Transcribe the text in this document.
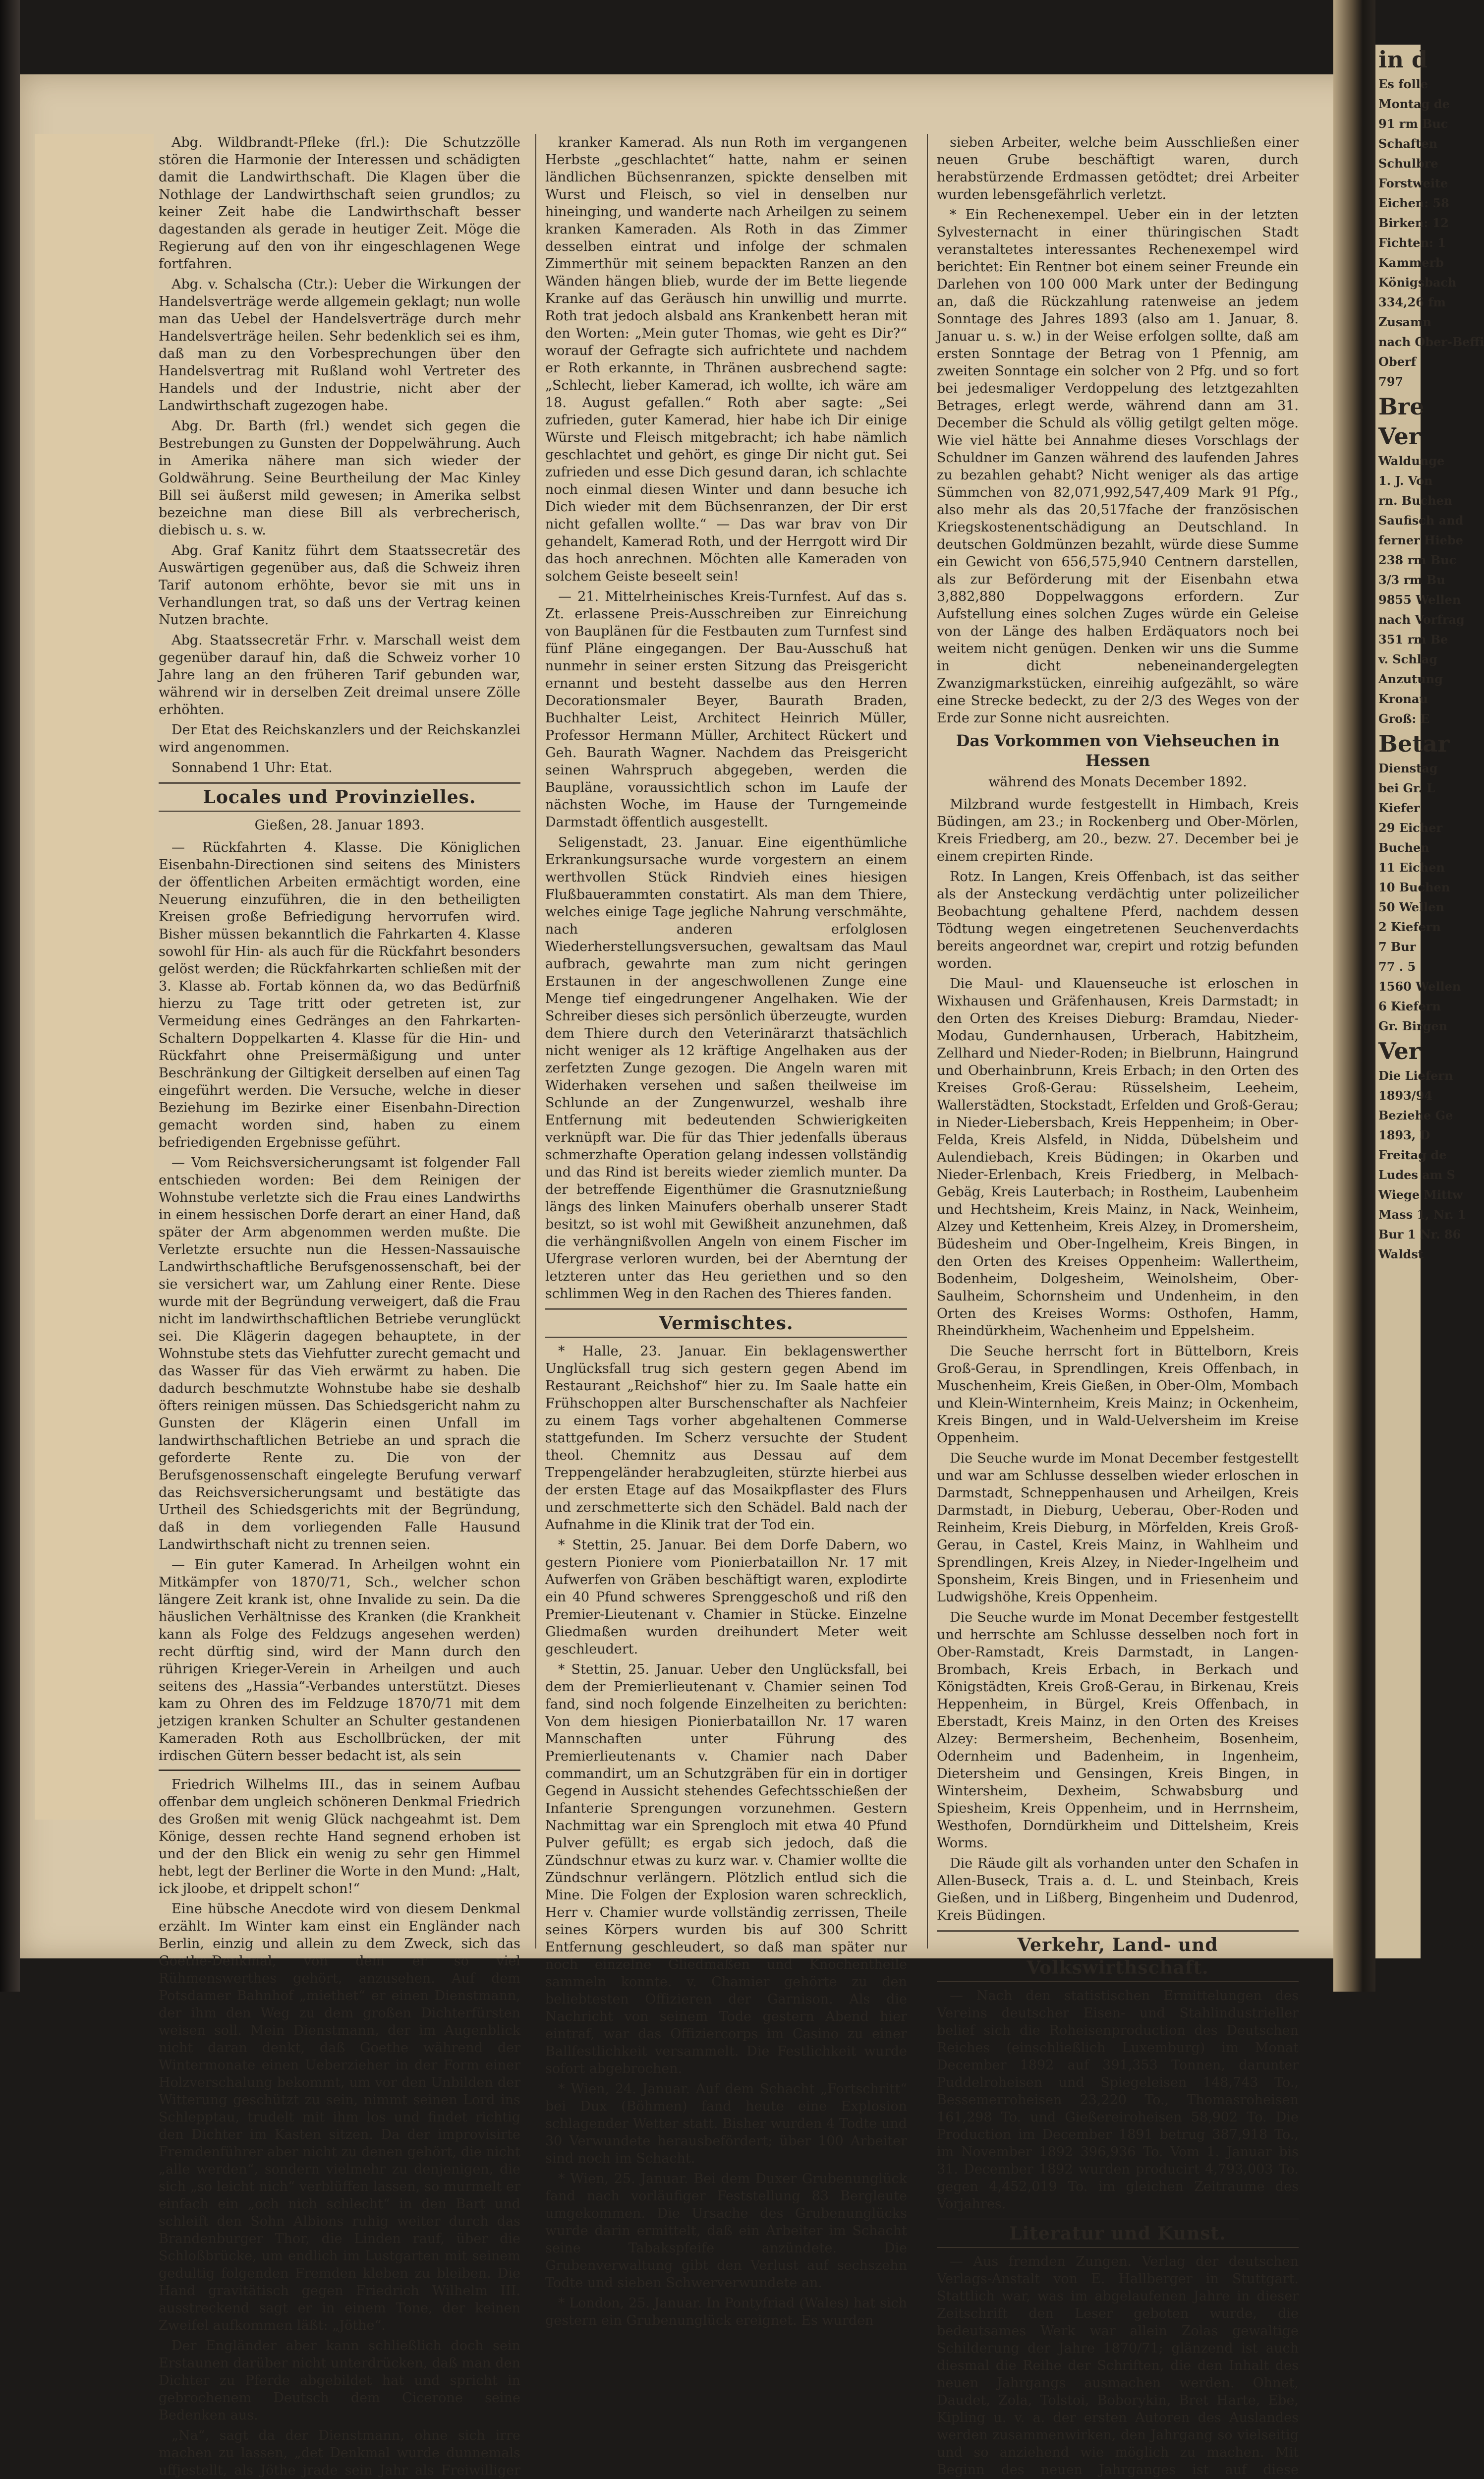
Abg. Wildbrandt-Pfleke (frl.): Die Schutzzölle stören die Harmonie der Interessen und schädigten damit die Landwirthschaft. Die Klagen über die Nothlage der Landwirthschaft seien grundlos; zu keiner Zeit habe die Landwirthschaft besser dagestanden als gerade in heutiger Zeit. Möge die Regierung auf den von ihr eingeschlagenen Wege fortfahren.

Abg. v. Schalscha (Ctr.): Ueber die Wirkungen der Handelsverträge werde allgemein geklagt; nun wolle man das Uebel der Handelsverträge durch mehr Handelsverträge heilen. Sehr bedenklich sei es ihm, daß man zu den Vorbesprechungen über den Handelsvertrag mit Rußland wohl Vertreter des Handels und der Industrie, nicht aber der Landwirthschaft zugezogen habe.

Abg. Dr. Barth (frl.) wendet sich gegen die Bestrebungen zu Gunsten der Doppelwährung. Auch in Amerika nähere man sich wieder der Goldwährung. Seine Beurtheilung der Mac Kinley Bill sei äußerst mild gewesen; in Amerika selbst bezeichne man diese Bill als verbrecherisch, diebisch u. s. w.

Abg. Graf Kanitz führt dem Staatssecretär des Auswärtigen gegenüber aus, daß die Schweiz ihren Tarif autonom erhöhte, bevor sie mit uns in Verhandlungen trat, so daß uns der Vertrag keinen Nutzen brachte.

Abg. Staatssecretär Frhr. v. Marschall weist dem gegenüber darauf hin, daß die Schweiz vorher 10 Jahre lang an den früheren Tarif gebunden war, während wir in derselben Zeit dreimal unsere Zölle erhöhten.

Der Etat des Reichskanzlers und der Reichskanzlei wird angenommen.

Sonnabend 1 Uhr: Etat.

Locales und Provinzielles.
Gießen, 28. Januar 1893.

— Rückfahrten 4. Klasse. Die Königlichen Eisenbahn-Directionen sind seitens des Ministers der öffentlichen Arbeiten ermächtigt worden, eine Neuerung einzuführen, die in den betheiligten Kreisen große Befriedigung hervorrufen wird. Bisher müssen bekanntlich die Fahrkarten 4. Klasse sowohl für Hin- als auch für die Rückfahrt besonders gelöst werden; die Rückfahrkarten schließen mit der 3. Klasse ab. Fortab können da, wo das Bedürfniß hierzu zu Tage tritt oder getreten ist, zur Vermeidung eines Gedränges an den Fahrkarten-Schaltern Doppelkarten 4. Klasse für die Hin- und Rückfahrt ohne Preisermäßigung und unter Beschränkung der Giltigkeit derselben auf einen Tag eingeführt werden. Die Versuche, welche in dieser Beziehung im Bezirke einer Eisenbahn-Direction gemacht worden sind, haben zu einem befriedigenden Ergebnisse geführt.

— Vom Reichsversicherungsamt ist folgender Fall entschieden worden: Bei dem Reinigen der Wohnstube verletzte sich die Frau eines Landwirths in einem hessischen Dorfe derart an einer Hand, daß später der Arm abgenommen werden mußte. Die Verletzte ersuchte nun die Hessen-Nassauische Landwirthschaftliche Berufsgenossenschaft, bei der sie versichert war, um Zahlung einer Rente. Diese wurde mit der Begründung verweigert, daß die Frau nicht im landwirthschaftlichen Betriebe verunglückt sei. Die Klägerin dagegen behauptete, in der Wohnstube stets das Viehfutter zurecht gemacht und das Wasser für das Vieh erwärmt zu haben. Die dadurch beschmutzte Wohnstube habe sie deshalb öfters reinigen müssen. Das Schiedsgericht nahm zu Gunsten der Klägerin einen Unfall im landwirthschaftlichen Betriebe an und sprach die geforderte Rente zu. Die von der Berufsgenossenschaft eingelegte Berufung verwarf das Reichsversicherungsamt und bestätigte das Urtheil des Schiedsgerichts mit der Begründung, daß in dem vorliegenden Falle Hausund Landwirthschaft nicht zu trennen seien.

— Ein guter Kamerad. In Arheilgen wohnt ein Mitkämpfer von 1870/71, Sch., welcher schon längere Zeit krank ist, ohne Invalide zu sein. Da die häuslichen Verhältnisse des Kranken (die Krankheit kann als Folge des Feldzugs angesehen werden) recht dürftig sind, wird der Mann durch den rührigen Krieger-Verein in Arheilgen und auch seitens des „Hassia“-Verbandes unterstützt. Dieses kam zu Ohren des im Feldzuge 1870/71 mit dem jetzigen kranken Schulter an Schulter gestandenen Kameraden Roth aus Eschollbrücken, der mit irdischen Gütern besser bedacht ist, als sein

Friedrich Wilhelms III., das in seinem Aufbau offenbar dem ungleich schöneren Denkmal Friedrich des Großen mit wenig Glück nachgeahmt ist. Dem Könige, dessen rechte Hand segnend erhoben ist und der den Blick ein wenig zu sehr gen Himmel hebt, legt der Berliner die Worte in den Mund: „Halt, ick jloobe, et drippelt schon!“

Eine hübsche Anecdote wird von diesem Denkmal erzählt. Im Winter kam einst ein Engländer nach Berlin, einzig und allein zu dem Zweck, sich das Goethe-Denkmal, von dem er so viel Rühmenswerthes gehört, anzusehen. Auf dem Potsdamer Bahnhof „miethet“ er einen Dienstmann, der ihm den Weg zu dem großen Dichterfürsten weisen soll. Mein Dienstmann, der im Augenblick nicht daran denkt, daß Goethe während der Wintermonate einen Ueberzieher in der Form einer Holzverschalung bekommt, um vor den Unbilden der Witterung geschützt zu sein, nimmt seinen Lord ins Schlepptau, trudelt mit ihm los und findet richtig den Dichter im Kasten sitzen. Da der improvisirte Fremdenführer aber nicht zu denen gehört, die nicht „alle werden“, sondern vielmehr zu denjenigen, die sich „so leicht nich“ verblüffen lassen, so murmelt er einfach ein „och nich schlecht“ in den Bart und schleift den Sohn Albions ruhig weiter durch das Brandenburger Thor, die Linden rauf, über die Schloßbrücke, um endlich im Lustgarten mit seinem gedultig folgenden Fremden kleben zu bleiben. Die Hand gravitätisch gegen Friedrich Wilhelm III. ausstreckend sagt er in einem Tone, der keinen Zweifel aufkommen läßt: „Jöthe“.

Der Engländer aber kann schließlich doch sein Erstaunen darüber nicht unterdrücken, daß man den Dichter zu Pferde abgebildet hat und spricht in gebrochenem Deutsch dem Cicerone seine Bedenken aus.

„Na“, sagt da der Dienstmann, ohne sich irre machen zu lassen, „det Denkmal wurde dunnemals uffjestellt, als Jöthe jrade sein Jahr als Freiwilliger

kranker Kamerad. Als nun Roth im vergangenen Herbste „geschlachtet“ hatte, nahm er seinen ländlichen Büchsenranzen, spickte denselben mit Wurst und Fleisch, so viel in denselben nur hineinging, und wanderte nach Arheilgen zu seinem kranken Kameraden. Als Roth in das Zimmer desselben eintrat und infolge der schmalen Zimmerthür mit seinem bepackten Ranzen an den Wänden hängen blieb, wurde der im Bette liegende Kranke auf das Geräusch hin unwillig und murrte. Roth trat jedoch alsbald ans Krankenbett heran mit den Worten: „Mein guter Thomas, wie geht es Dir?“ worauf der Gefragte sich aufrichtete und nachdem er Roth erkannte, in Thränen ausbrechend sagte: „Schlecht, lieber Kamerad, ich wollte, ich wäre am 18. August gefallen.“ Roth aber sagte: „Sei zufrieden, guter Kamerad, hier habe ich Dir einige Würste und Fleisch mitgebracht; ich habe nämlich geschlachtet und gehört, es ginge Dir nicht gut. Sei zufrieden und esse Dich gesund daran, ich schlachte noch einmal diesen Winter und dann besuche ich Dich wieder mit dem Büchsenranzen, der Dir erst nicht gefallen wollte.“ — Das war brav von Dir gehandelt, Kamerad Roth, und der Herrgott wird Dir das hoch anrechnen. Möchten alle Kameraden von solchem Geiste beseelt sein!

— 21. Mittelrheinisches Kreis-Turnfest. Auf das s. Zt. erlassene Preis-Ausschreiben zur Einreichung von Bauplänen für die Festbauten zum Turnfest sind fünf Pläne eingegangen. Der Bau-Ausschuß hat nunmehr in seiner ersten Sitzung das Preisgericht ernannt und besteht dasselbe aus den Herren Decorationsmaler Beyer, Baurath Braden, Buchhalter Leist, Architect Heinrich Müller, Professor Hermann Müller, Architect Rückert und Geh. Baurath Wagner. Nachdem das Preisgericht seinen Wahrspruch abgegeben, werden die Baupläne, voraussichtlich schon im Laufe der nächsten Woche, im Hause der Turngemeinde Darmstadt öffentlich ausgestellt.

Seligenstadt, 23. Januar. Eine eigenthümliche Erkrankungsursache wurde vorgestern an einem werthvollen Stück Rindvieh eines hiesigen Flußbauerammten constatirt. Als man dem Thiere, welches einige Tage jegliche Nahrung verschmähte, nach anderen erfolglosen Wiederherstellungsversuchen, gewaltsam das Maul aufbrach, gewahrte man zum nicht geringen Erstaunen in der angeschwollenen Zunge eine Menge tief eingedrungener Angelhaken. Wie der Schreiber dieses sich persönlich überzeugte, wurden dem Thiere durch den Veterinärarzt thatsächlich nicht weniger als 12 kräftige Angelhaken aus der zerfetzten Zunge gezogen. Die Angeln waren mit Widerhaken versehen und saßen theilweise im Schlunde an der Zungenwurzel, weshalb ihre Entfernung mit bedeutenden Schwierigkeiten verknüpft war. Die für das Thier jedenfalls überaus schmerzhafte Operation gelang indessen vollständig und das Rind ist bereits wieder ziemlich munter. Da der betreffende Eigenthümer die Grasnutznießung längs des linken Mainufers oberhalb unserer Stadt besitzt, so ist wohl mit Gewißheit anzunehmen, daß die verhängnißvollen Angeln von einem Fischer im Ufergrase verloren wurden, bei der Aberntung der letzteren unter das Heu geriethen und so den schlimmen Weg in den Rachen des Thieres fanden.

Vermischtes.

* Halle, 23. Januar. Ein beklagenswerther Unglücksfall trug sich gestern gegen Abend im Restaurant „Reichshof“ hier zu. Im Saale hatte ein Frühschoppen alter Burschenschafter als Nachfeier zu einem Tags vorher abgehaltenen Commerse stattgefunden. Im Scherz versuchte der Student theol. Chemnitz aus Dessau auf dem Treppengeländer herabzugleiten, stürzte hierbei aus der ersten Etage auf das Mosaikpflaster des Flurs und zerschmetterte sich den Schädel. Bald nach der Aufnahme in die Klinik trat der Tod ein.

* Stettin, 25. Januar. Bei dem Dorfe Dabern, wo gestern Pioniere vom Pionierbataillon Nr. 17 mit Aufwerfen von Gräben beschäftigt waren, explodirte ein 40 Pfund schweres Sprenggeschoß und riß den Premier-Lieutenant v. Chamier in Stücke. Einzelne Gliedmaßen wurden dreihundert Meter weit geschleudert.

* Stettin, 25. Januar. Ueber den Unglücksfall, bei dem der Premierlieutenant v. Chamier seinen Tod fand, sind noch folgende Einzelheiten zu berichten: Von dem hiesigen Pionierbataillon Nr. 17 waren Mannschaften unter Führung des Premierlieutenants v. Chamier nach Daber commandirt, um an Schutzgräben für ein in dortiger Gegend in Aussicht stehendes Gefechtsschießen der Infanterie Sprengungen vorzunehmen. Gestern Nachmittag war ein Sprengloch mit etwa 40 Pfund Pulver gefüllt; es ergab sich jedoch, daß die Zündschnur etwas zu kurz war. v. Chamier wollte die Zündschnur verlängern. Plötzlich entlud sich die Mine. Die Folgen der Explosion waren schrecklich, Herr v. Chamier wurde vollständig zerrissen, Theile seines Körpers wurden bis auf 300 Schritt Entfernung geschleudert, so daß man später nur noch einzelne Gliedmaßen und Knochentheile sammeln konnte. v. Chamier gehörte zu den beliebtesten Offizieren der Garnison. Als die Nachricht von seinem Tode gestern Abend hier eintraf, war das Offiziercorps im Casino zu einer Ballfestlichkeit versammelt. Die Festlichkeit wurde sofort abgebrochen.

* Wien, 24. Januar. Auf dem Schacht „Fortschritt“ bei Dux (Böhmen) fand heute eine Explosion schlagender Wetter statt. Bisher wurden 4 Todte und 30 Verwundete herausbefördert; über 100 Arbeiter sind noch im Schacht.

* Wien, 25. Januar. Bei dem Duxer Grubenunglück fand nach vorläufiger Feststellung 83 Bergleute umgekommen. Die Ursache des Grubenunglücks wurde darin ermittelt, daß ein Arbeiter im Schacht seine Tabakspfeife anzündete. Die Grubenverwaltung gibt den Verlust auf sechszehn Todte und sieben Schwerverwundete an.

* London, 25. Januar. In Pontyfriad (Wales) hat sich gestern ein Grubenunglück ereignet. Es wurden

sieben Arbeiter, welche beim Ausschließen einer neuen Grube beschäftigt waren, durch herabstürzende Erdmassen getödtet; drei Arbeiter wurden lebensgefährlich verletzt.

* Ein Rechenexempel. Ueber ein in der letzten Sylvesternacht in einer thüringischen Stadt veranstaltetes interessantes Rechenexempel wird berichtet: Ein Rentner bot einem seiner Freunde ein Darlehen von 100 000 Mark unter der Bedingung an, daß die Rückzahlung ratenweise an jedem Sonntage des Jahres 1893 (also am 1. Januar, 8. Januar u. s. w.) in der Weise erfolgen sollte, daß am ersten Sonntage der Betrag von 1 Pfennig, am zweiten Sonntage ein solcher von 2 Pfg. und so fort bei jedesmaliger Verdoppelung des letztgezahlten Betrages, erlegt werde, während dann am 31. December die Schuld als völlig getilgt gelten möge. Wie viel hätte bei Annahme dieses Vorschlags der Schuldner im Ganzen während des laufenden Jahres zu bezahlen gehabt? Nicht weniger als das artige Sümmchen von 82,071,992,547,409 Mark 91 Pfg., also mehr als das 20,517fache der französischen Kriegskostenentschädigung an Deutschland. In deutschen Goldmünzen bezahlt, würde diese Summe ein Gewicht von 656,575,940 Centnern darstellen, als zur Beförderung mit der Eisenbahn etwa 3,882,880 Doppelwaggons erfordern. Zur Aufstellung eines solchen Zuges würde ein Geleise von der Länge des halben Erdäquators noch bei weitem nicht genügen. Denken wir uns die Summe in dicht nebeneinandergelegten Zwanzigmarkstücken, einreihig aufgezählt, so wäre eine Strecke bedeckt, zu der 2/3 des Weges von der Erde zur Sonne nicht ausreichten.

Das Vorkommen von Viehseuchen in Hessen
während des Monats December 1892.

Milzbrand wurde festgestellt in Himbach, Kreis Büdingen, am 23.; in Rockenberg und Ober-Mörlen, Kreis Friedberg, am 20., bezw. 27. December bei je einem crepirten Rinde.

Rotz. In Langen, Kreis Offenbach, ist das seither als der Ansteckung verdächtig unter polizeilicher Beobachtung gehaltene Pferd, nachdem dessen Tödtung wegen eingetretenen Seuchenverdachts bereits angeordnet war, crepirt und rotzig befunden worden.

Die Maul- und Klauenseuche ist erloschen in Wixhausen und Gräfenhausen, Kreis Darmstadt; in den Orten des Kreises Dieburg: Bramdau, Nieder-Modau, Gundernhausen, Urberach, Habitzheim, Zellhard und Nieder-Roden; in Bielbrunn, Haingrund und Oberhainbrunn, Kreis Erbach; in den Orten des Kreises Groß-Gerau: Rüsselsheim, Leeheim, Wallerstädten, Stockstadt, Erfelden und Groß-Gerau; in Nieder-Liebersbach, Kreis Heppenheim; in Ober-Felda, Kreis Alsfeld, in Nidda, Dübelsheim und Aulendiebach, Kreis Büdingen; in Okarben und Nieder-Erlenbach, Kreis Friedberg, in Melbach-Gebäg, Kreis Lauterbach; in Rostheim, Laubenheim und Hechtsheim, Kreis Mainz, in Nack, Weinheim, Alzey und Kettenheim, Kreis Alzey, in Dromersheim, Büdesheim und Ober-Ingelheim, Kreis Bingen, in den Orten des Kreises Oppenheim: Wallertheim, Bodenheim, Dolgesheim, Weinolsheim, Ober-Saulheim, Schornsheim und Undenheim, in den Orten des Kreises Worms: Osthofen, Hamm, Rheindürkheim, Wachenheim und Eppelsheim.

Die Seuche herrscht fort in Büttelborn, Kreis Groß-Gerau, in Sprendlingen, Kreis Offenbach, in Muschenheim, Kreis Gießen, in Ober-Olm, Mombach und Klein-Winternheim, Kreis Mainz; in Ockenheim, Kreis Bingen, und in Wald-Uelversheim im Kreise Oppenheim.

Die Seuche wurde im Monat December festgestellt und war am Schlusse desselben wieder erloschen in Darmstadt, Schneppenhausen und Arheilgen, Kreis Darmstadt, in Dieburg, Ueberau, Ober-Roden und Reinheim, Kreis Dieburg, in Mörfelden, Kreis Groß-Gerau, in Castel, Kreis Mainz, in Wahlheim und Sprendlingen, Kreis Alzey, in Nieder-Ingelheim und Sponsheim, Kreis Bingen, und in Friesenheim und Ludwigshöhe, Kreis Oppenheim.

Die Seuche wurde im Monat December festgestellt und herrschte am Schlusse desselben noch fort in Ober-Ramstadt, Kreis Darmstadt, in Langen-Brombach, Kreis Erbach, in Berkach und Königstädten, Kreis Groß-Gerau, in Birkenau, Kreis Heppenheim, in Bürgel, Kreis Offenbach, in Eberstadt, Kreis Mainz, in den Orten des Kreises Alzey: Bermersheim, Bechenheim, Bosenheim, Odernheim und Badenheim, in Ingenheim, Dietersheim und Gensingen, Kreis Bingen, in Wintersheim, Dexheim, Schwabsburg und Spiesheim, Kreis Oppenheim, und in Herrnsheim, Westhofen, Dorndürkheim und Dittelsheim, Kreis Worms.

Die Räude gilt als vorhanden unter den Schafen in Allen-Buseck, Trais a. d. L. und Steinbach, Kreis Gießen, und in Lißberg, Bingenheim und Dudenrod, Kreis Büdingen.

Verkehr, Land- und Volkswirthschaft.

— Nach den statistischen Ermittelungen des Vereins deutscher Eisen- und Stahlindustrieller belief sich die Roheisenproduction des Deutschen Reiches (einschließlich Luxemburg) im Monat December 1892 auf 391,353 Tonnen, darunter Puddelroheisen und Spiegeleisen 148,743 To., Bessemerroheisen 23,220 To., Thomasroheisen 161,298 To. und Gießereiroheisen 58,902 To. Die Production im December 1891 betrug 387,918 To., im November 1892 396,936 To. Vom 1. Januar bis 31. December 1892 wurden producirt 4,793,003 To. gegen 4,452,019 To. im gleichen Zeitraume des Vorjahres.

Literatur und Kunst.

— Aus fremden Zungen. Verlag der deutschen Verlags-Anstalt von E. Hallberger in Stuttgart. Stattlich war, was im abgelaufenen Jahre in dieser Zeitschrift den Leser geboten wurde, die bedeutsames Werk war allein Zolas gewaltige Schilderung der Jahre 1870/71; glänzend ist auch diesmal die Reihe der Schriften, die den Inhalt des neuen Jahrgangs ausmachen werden. Ohnet, Daudet, Zola, Tolstoi, Boborykin, Bret Harte, Ebe, Kipling u. v. a. der ersten Autoren des Auslandes werden zusammenwirken, den Jahrgang so vielseitig und so anziehend wie möglich zu machen. Mit Beginn des neuen Jahrganges ist auf diese

in d
Es folle
Montag de
91 rm Buc
Schaften
Schulbre
Forstweite
Eichen: 58
Birken: 12
Fichten: 1
Kammerb
Königsbach
334,26 fm
Zusamn
nach Ober-Beffi
Oberf
797
Bre
Ver
Waldunge
1. J. Von
rn. Buchen
Saufisch and
ferner Hiebe
238 rm Buc
3/3 rm Bu
9855 Wellen
nach Vorfrag
351 rm Be
v. Schlag
Anzutung
Kronau
Groß: E
Betar
Dienstag
bei Gr. L
Kiefer
29 Eicher
Buchen
11 Eichen
10 Buchen
50 Wellen
2 Kiefern
7 Bur
77 . 5
1560 Wellen
6 Kiefern
Gr. Birgen
Ver
Die Liefern
1893/94
Beziehe Ge
1893, D
Freitag de
Ludes am S
Wiege Mittw
Mass 1, Nr. 1
Bur 1 Nr. 86
Waldst
